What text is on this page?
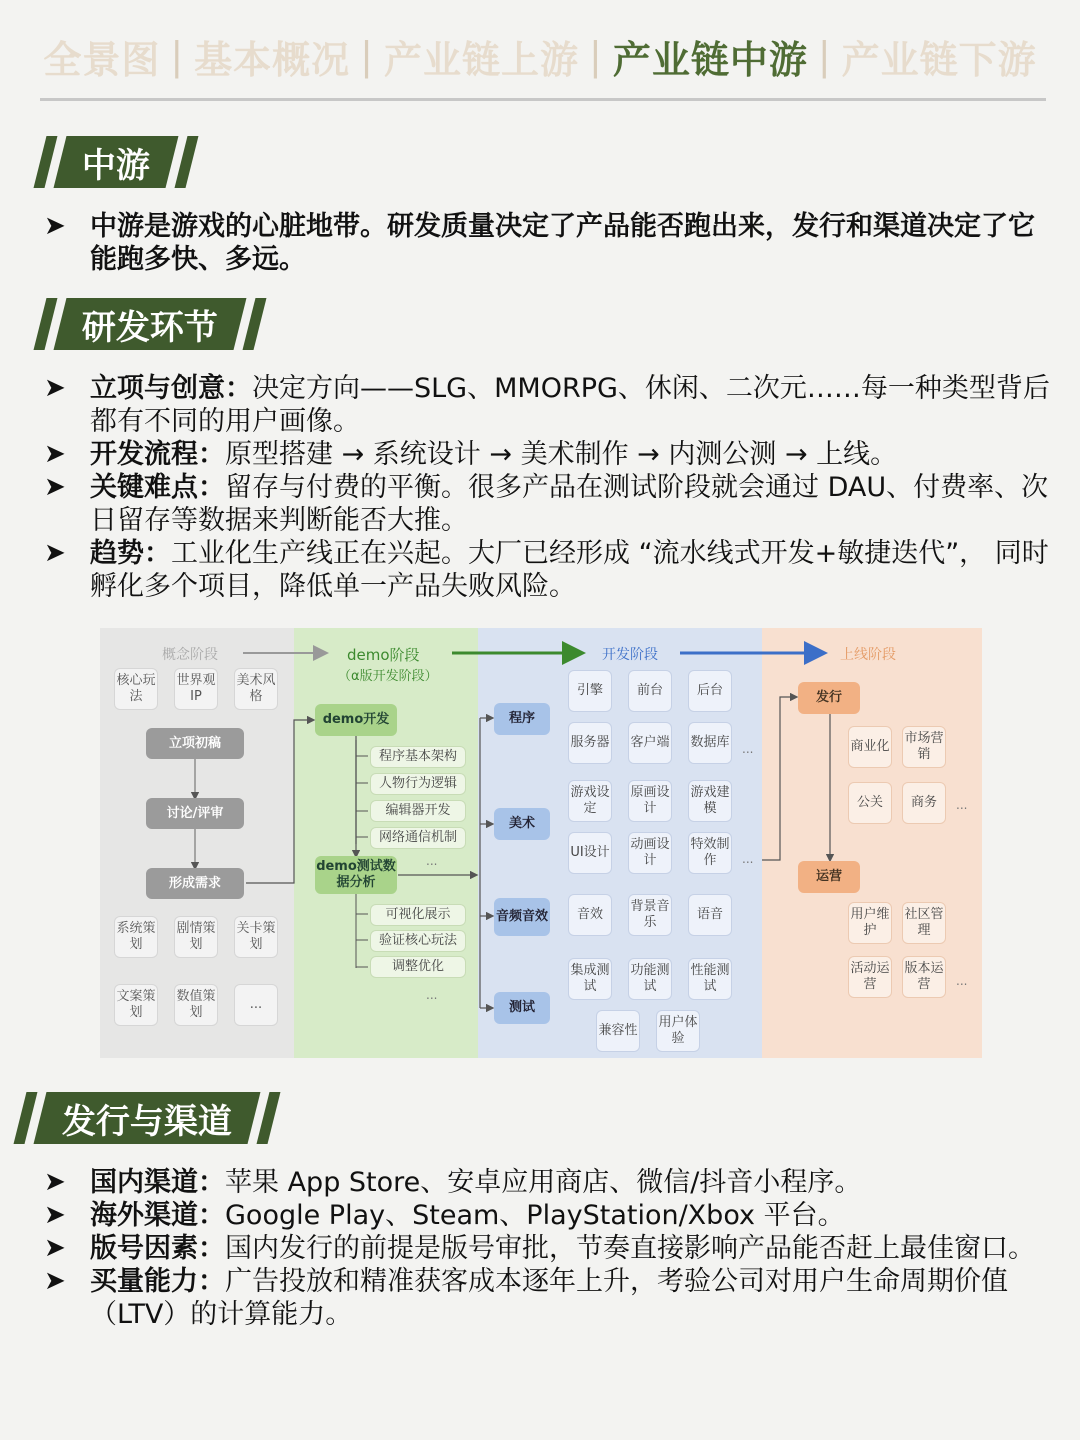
全景图 | 基本概况 | 产业链上游 | 产业链中游 | 产业链下游
中游
➤ 中游是游戏的心脏地带。研发质量决定了产品能否跑出来，发行和渠道决定了它能跑多快、多远。
研发环节
➤ 立项与创意：决定方向——SLG、MMORPG、休闲、二次元……每一种类型背后都有不同的用户画像。
➤ 开发流程：原型搭建 → 系统设计 → 美术制作 → 内测公测 → 上线。
➤ 关键难点：留存与付费的平衡。很多产品在测试阶段就会通过 DAU、付费率、次日留存等数据来判断能否大推。
➤ 趋势：工业化生产线正在兴起。大厂已经形成 “流水线式开发+敏捷迭代”， 同时孵化多个项目，降低单一产品失败风险。
概念阶段	demo阶段
（α版开发阶段）
开发阶段	上线阶段
核心玩法
世界观IP
美术风格
立项初稿
讨论/评审
形成需求
系统策划
剧情策划
关卡策划
文案策划
数值策划
...
demo开发
程序基本架构
人物行为逻辑
编辑器开发
网络通信机制
demo测试数据分析
...
可视化展示
验证核心玩法
调整优化
...
程序
美术
音频音效
测试
引擎	前台	后台
服务器 客户端 数据库 ...
游戏设定
原画设计
游戏建模
UI设计
动画设计
特效制作	...
音效
背景音乐
语音
集成测试
功能测试
性能测试
兼容性
用户体验
发行
商业化
市场营销
公关	商务	...
运营
用户维护
社区管理
活动运营
版本运营	...
发行与渠道
➤ 国内渠道：苹果 App Store、安卓应用商店、微信/抖音小程序。
➤ 海外渠道：Google Play、Steam、PlayStation/Xbox 平台。
➤ 版号因素：国内发行的前提是版号审批，节奏直接影响产品能否赶上最佳窗口。
➤ 买量能力：广告投放和精准获客成本逐年上升，考验公司对用户生命周期价值（LTV）的计算能力。
